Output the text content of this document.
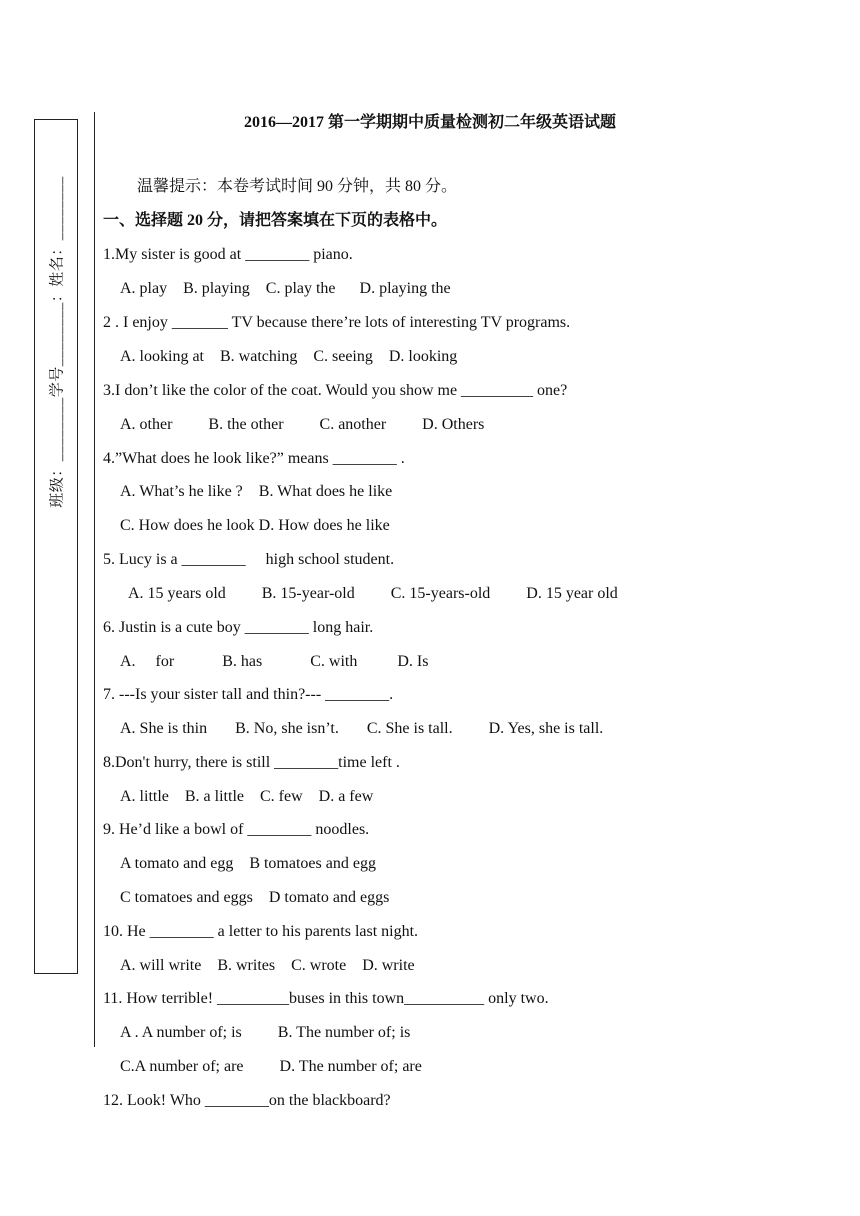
班级：________学号________：姓名：________
2016—2017 第一学期期中质量检测初二年级英语试题
温馨提示：本卷考试时间 90 分钟，共 80 分。
一、选择题 20 分，请把答案填在下页的表格中。
1.My sister is good at ________ piano.
A. play    B. playing    C. play the      D. playing the
2 . I enjoy _______ TV because there’re lots of interesting TV programs.
A. looking at    B. watching    C. seeing    D. looking
3.I don’t like the color of the coat. Would you show me _________ one?
A. other         B. the other         C. another         D. Others
4.”What does he look like?” means ________ .
A. What’s he like ?    B. What does he like
C. How does he look D. How does he like
5. Lucy is a ________     high school student.
A. 15 years old         B. 15-year-old         C. 15-years-old         D. 15 year old
6. Justin is a cute boy ________ long hair.
A.     for            B. has            C. with          D. Is
7. ---Is your sister tall and thin?--- ________.
A. She is thin       B. No, she isn’t.       C. She is tall.         D. Yes, she is tall.
8.Don't hurry, there is still ________time left .
A. little    B. a little    C. few    D. a few
9. He’d like a bowl of ________ noodles.
A tomato and egg    B tomatoes and egg
C tomatoes and eggs    D tomato and eggs
10. He ________ a letter to his parents last night.
A. will write    B. writes    C. wrote    D. write
11. How terrible! _________buses in this town__________ only two.
A . A number of; is         B. The number of; is
C.A number of; are         D. The number of; are
12. Look! Who ________on the blackboard?
